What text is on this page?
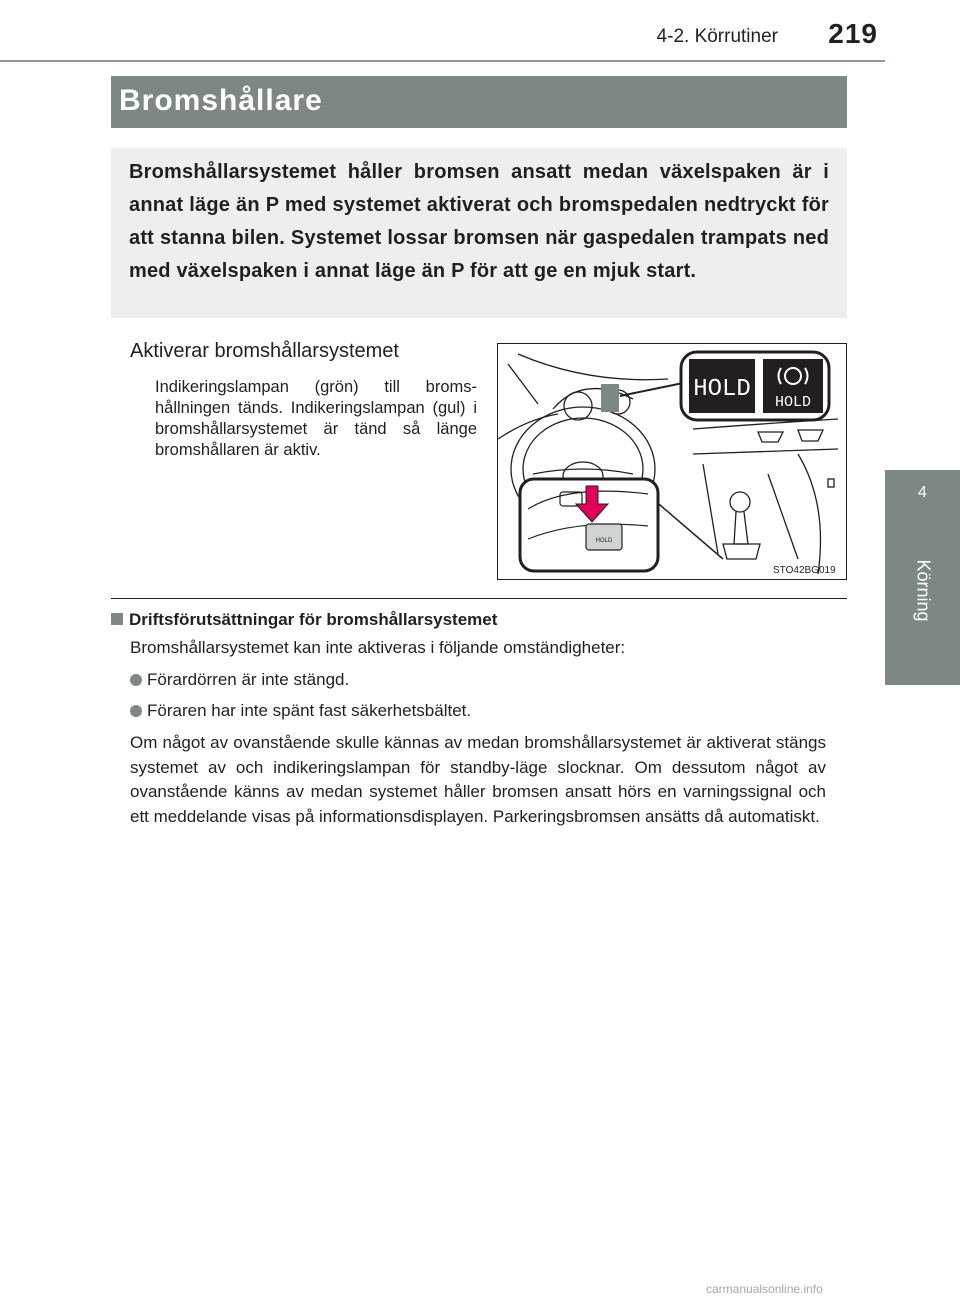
4-2. Körrutiner 219
4
Körning
Bromshållare

Bromshållarsystemet håller bromsen ansatt medan växelspaken är i annat läge än P med systemet aktiverat och bromspedalen nedtryckt för att stanna bilen. Systemet lossar bromsen när gaspedalen trampats ned med växelspaken i annat läge än P för att ge en mjuk start.

Aktiverar bromshållarsystemet

Indikeringslampan (grön) till bromshållningen tänds. Indikeringslampan (gul) i bromshållarsystemet är tänd så länge bromshållaren är aktiv.

HOLD HOLD
HOLD
STO42BG019
Driftsförutsättningar för bromshållarsystemet
Bromshållarsystemet kan inte aktiveras i följande omständigheter:
Förardörren är inte stängd.
Föraren har inte spänt fast säkerhetsbältet.

Om något av ovanstående skulle kännas av medan bromshållarsystemet är aktiverat stängs systemet av och indikeringslampan för standby-läge slocknar. Om dessutom något av ovanstående känns av medan systemet håller bromsen ansatt hörs en varningssignal och ett meddelande visas på informationsdisplayen. Parkeringsbromsen ansätts då automatiskt.

carmanualsonline.info
